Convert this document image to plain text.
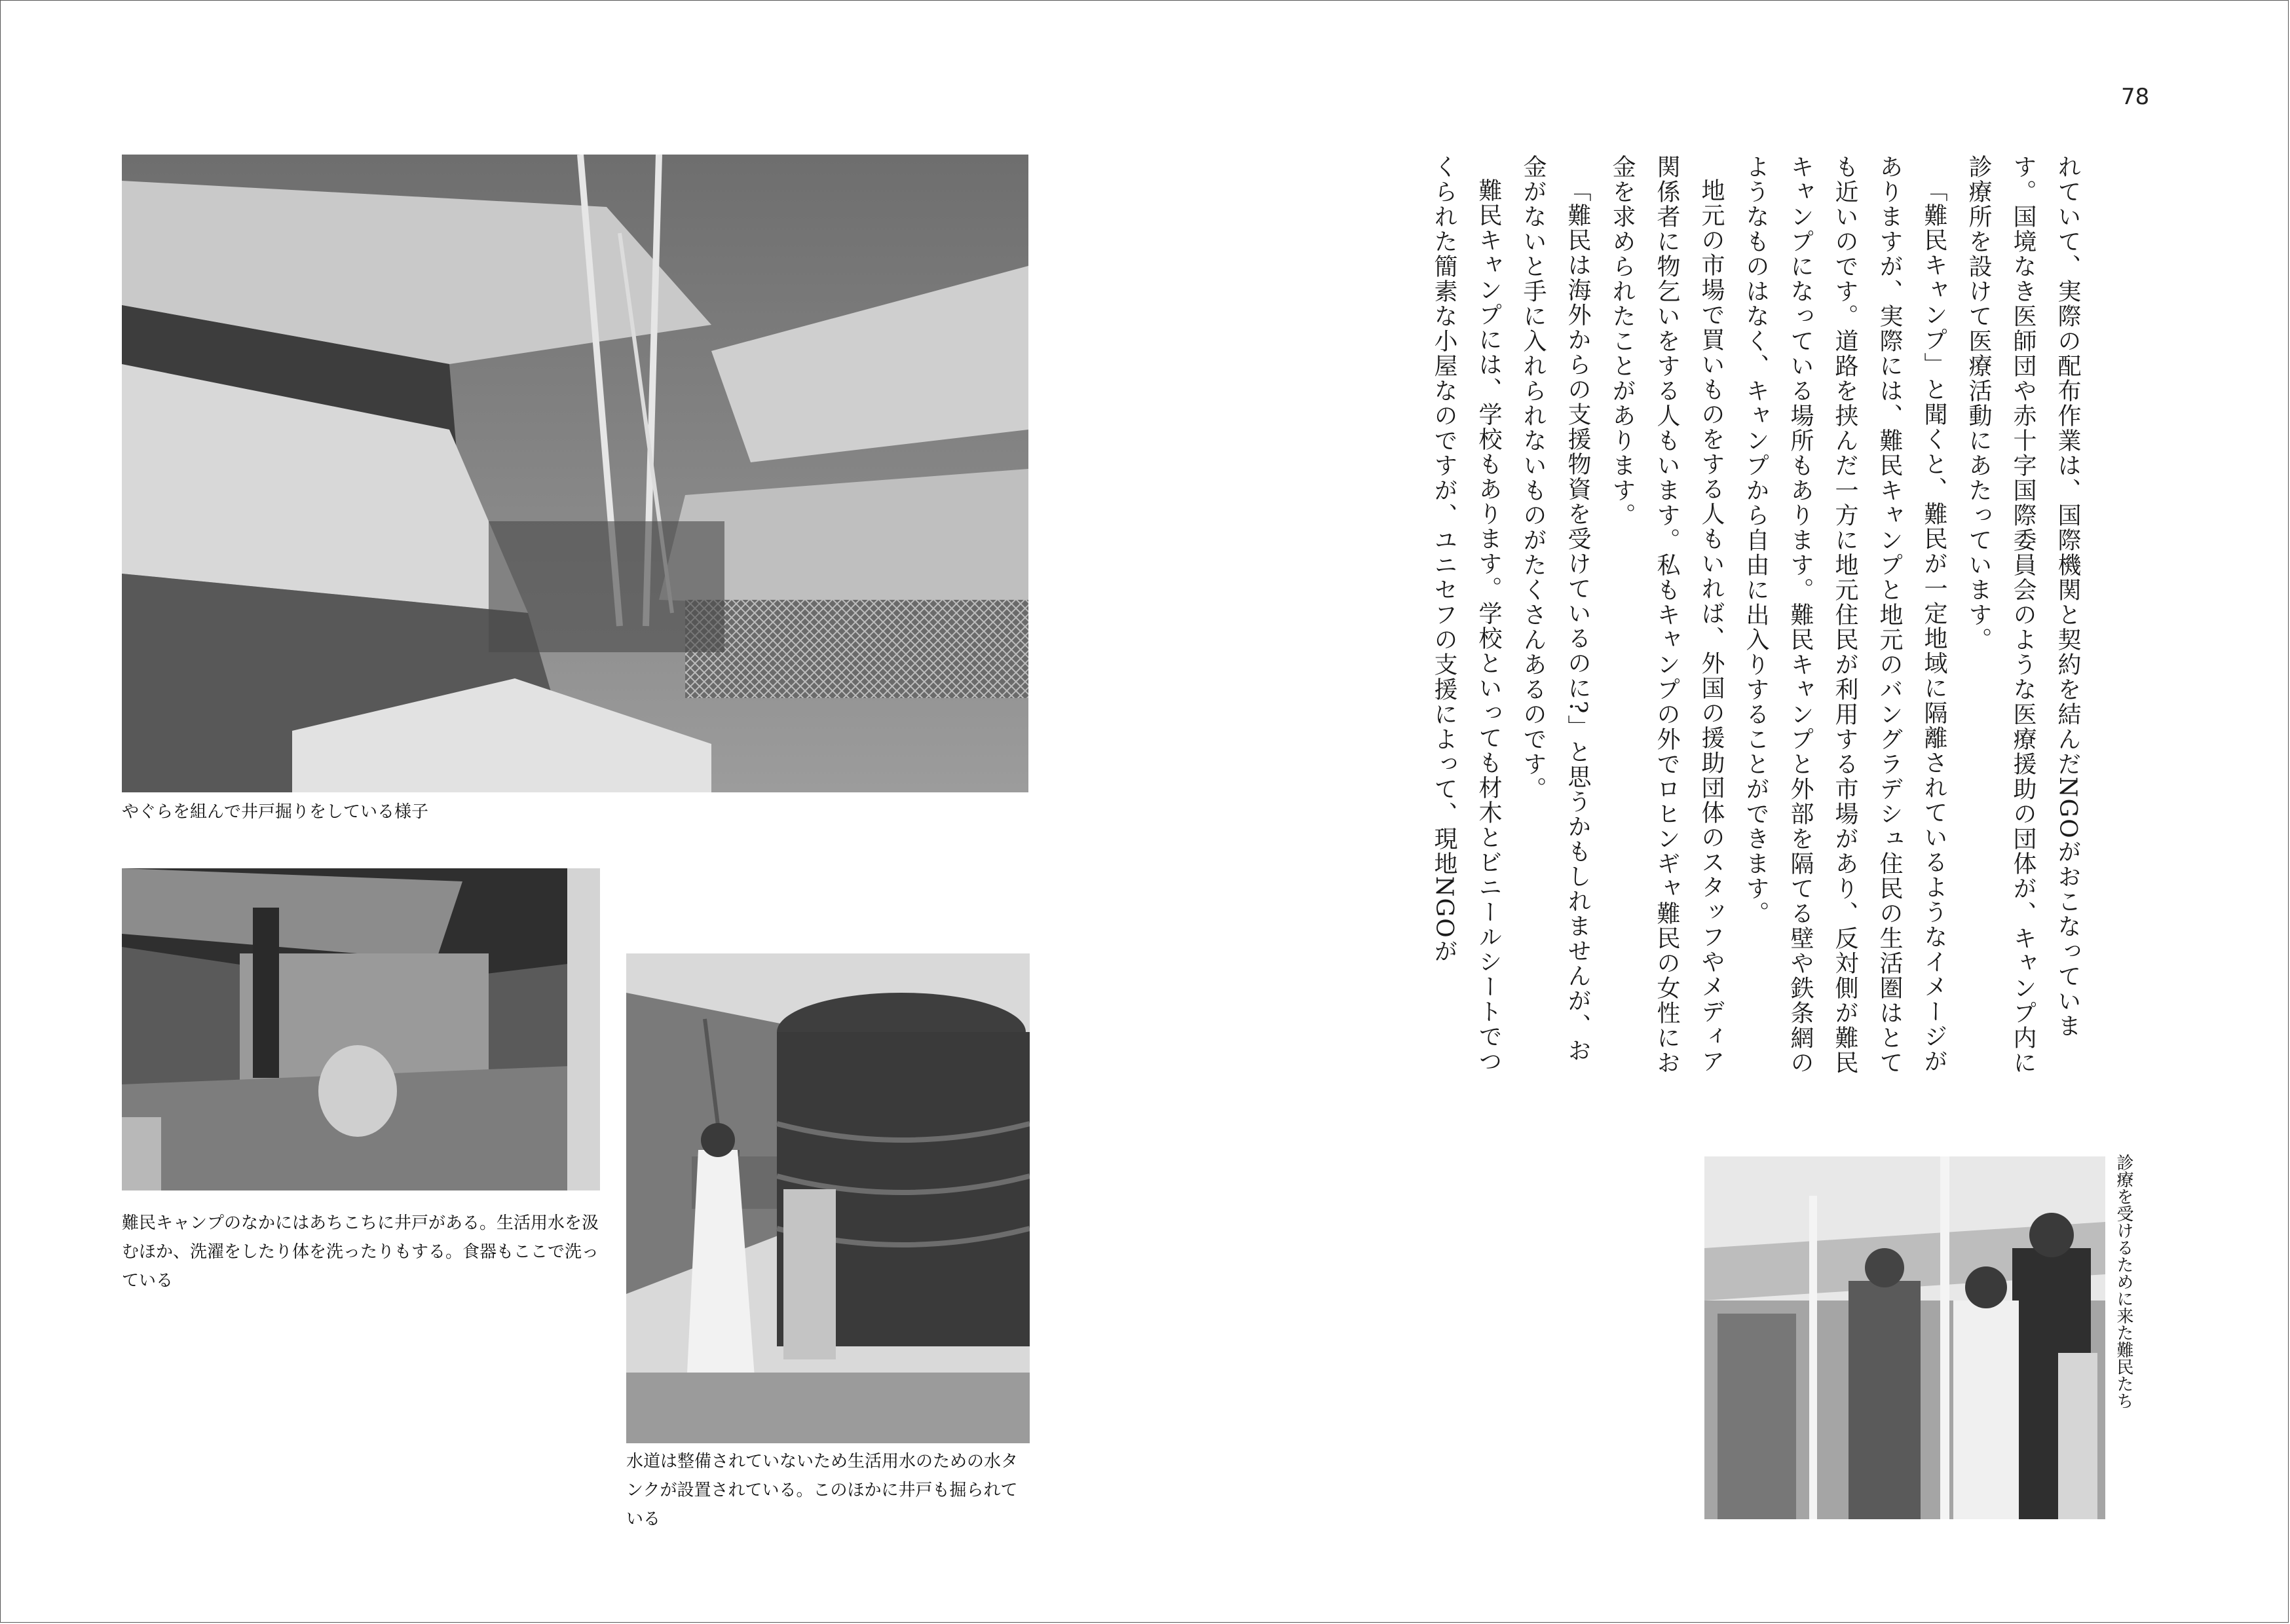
78

やぐらを組んで井戸掘りをしている様子

難民キャンプのなかにはあちこちに井戸がある。生活用水を汲むほか、洗濯をしたり体を洗ったりもする。食器もここで洗っている

水道は整備されていないため生活用水のための水タンクが設置されている。このほかに井戸も掘られている

診療を受けるために来た難民たち

れていて、実際の配布作業は、国際機関と契約を結んだNGOがおこなっています。国境なき医師団や赤十字国際委員会のような医療援助の団体が、キャンプ内に診療所を設けて医療活動にあたっています。

「難民キャンプ」と聞くと、難民が一定地域に隔離されているようなイメージがありますが、実際には、難民キャンプと地元のバングラデシュ住民の生活圏はとても近いのです。道路を挟んだ一方に地元住民が利用する市場があり、反対側が難民キャンプになっている場所もあります。難民キャンプと外部を隔てる壁や鉄条網のようなものはなく、キャンプから自由に出入りすることができます。

地元の市場で買いものをする人もいれば、外国の援助団体のスタッフやメディア関係者に物乞いをする人もいます。私もキャンプの外でロヒンギャ難民の女性にお金を求められたことがあります。

「難民は海外からの支援物資を受けているのに?」と思うかもしれませんが、お金がないと手に入れられないものがたくさんあるのです。

難民キャンプには、学校もあります。学校といっても材木とビニールシートでつくられた簡素な小屋なのですが、ユニセフの支援によって、現地NGOが
